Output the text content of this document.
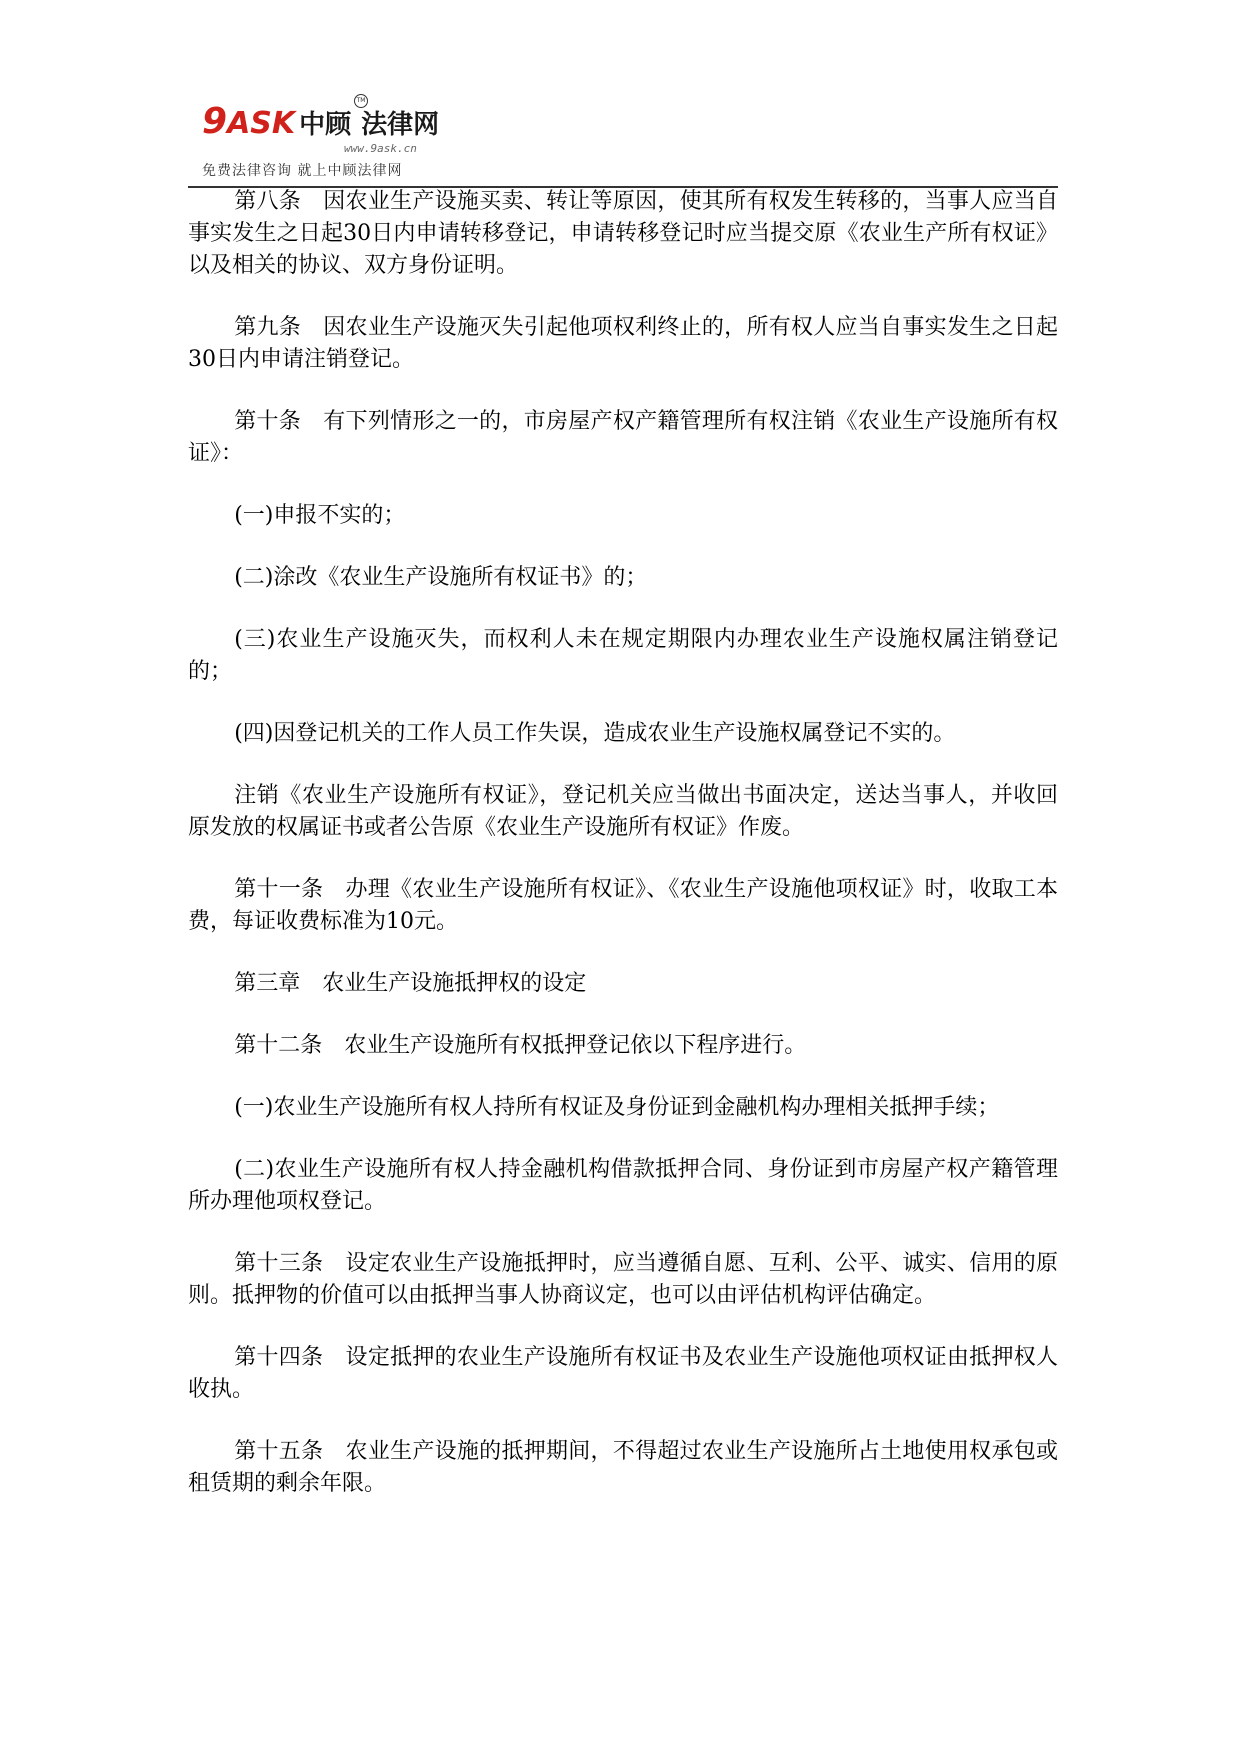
9ASK 中顾 法律网
TM
www.9ask.cn
免费法律咨询 就上中顾法律网

第八条　因农业生产设施买卖、转让等原因，使其所有权发生转移的，当事人应当自事实发生之日起30日内申请转移登记，申请转移登记时应当提交原《农业生产所有权证》以及相关的协议、双方身份证明。

第九条　因农业生产设施灭失引起他项权利终止的，所有权人应当自事实发生之日起30日内申请注销登记。

第十条　有下列情形之一的，市房屋产权产籍管理所有权注销《农业生产设施所有权证》：

(一)申报不实的；

(二)涂改《农业生产设施所有权证书》的；

(三)农业生产设施灭失，而权利人未在规定期限内办理农业生产设施权属注销登记的；

(四)因登记机关的工作人员工作失误，造成农业生产设施权属登记不实的。

注销《农业生产设施所有权证》，登记机关应当做出书面决定，送达当事人，并收回原发放的权属证书或者公告原《农业生产设施所有权证》作废。

第十一条　办理《农业生产设施所有权证》、《农业生产设施他项权证》时，收取工本费，每证收费标准为10元。

第三章　农业生产设施抵押权的设定

第十二条　农业生产设施所有权抵押登记依以下程序进行。

(一)农业生产设施所有权人持所有权证及身份证到金融机构办理相关抵押手续；

(二)农业生产设施所有权人持金融机构借款抵押合同、身份证到市房屋产权产籍管理所办理他项权登记。

第十三条　设定农业生产设施抵押时，应当遵循自愿、互利、公平、诚实、信用的原则。抵押物的价值可以由抵押当事人协商议定，也可以由评估机构评估确定。

第十四条　设定抵押的农业生产设施所有权证书及农业生产设施他项权证由抵押权人收执。

第十五条　农业生产设施的抵押期间，不得超过农业生产设施所占土地使用权承包或租赁期的剩余年限。
